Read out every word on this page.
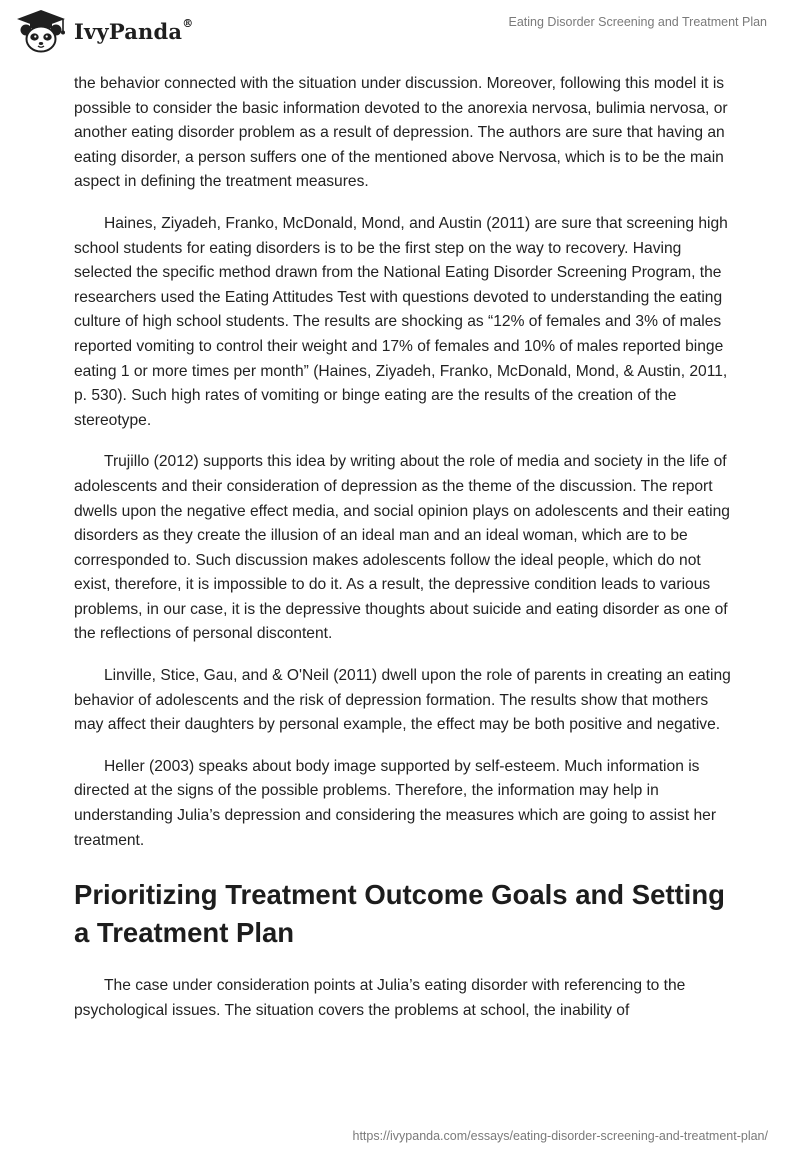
IvyPanda®	Eating Disorder Screening and Treatment Plan

the behavior connected with the situation under discussion. Moreover, following this model it is possible to consider the basic information devoted to the anorexia nervosa, bulimia nervosa, or another eating disorder problem as a result of depression. The authors are sure that having an eating disorder, a person suffers one of the mentioned above Nervosa, which is to be the main aspect in defining the treatment measures.

Haines, Ziyadeh, Franko, McDonald, Mond, and Austin (2011) are sure that screening high school students for eating disorders is to be the first step on the way to recovery. Having selected the specific method drawn from the National Eating Disorder Screening Program, the researchers used the Eating Attitudes Test with questions devoted to understanding the eating culture of high school students. The results are shocking as “12% of females and 3% of males reported vomiting to control their weight and 17% of females and 10% of males reported binge eating 1 or more times per month” (Haines, Ziyadeh, Franko, McDonald, Mond, & Austin, 2011, p. 530). Such high rates of vomiting or binge eating are the results of the creation of the stereotype.

Trujillo (2012) supports this idea by writing about the role of media and society in the life of adolescents and their consideration of depression as the theme of the discussion. The report dwells upon the negative effect media, and social opinion plays on adolescents and their eating disorders as they create the illusion of an ideal man and an ideal woman, which are to be corresponded to. Such discussion makes adolescents follow the ideal people, which do not exist, therefore, it is impossible to do it. As a result, the depressive condition leads to various problems, in our case, it is the depressive thoughts about suicide and eating disorder as one of the reflections of personal discontent.

Linville, Stice, Gau, and & O'Neil (2011) dwell upon the role of parents in creating an eating behavior of adolescents and the risk of depression formation. The results show that mothers may affect their daughters by personal example, the effect may be both positive and negative.

Heller (2003) speaks about body image supported by self-esteem. Much information is directed at the signs of the possible problems. Therefore, the information may help in understanding Julia’s depression and considering the measures which are going to assist her treatment.

Prioritizing Treatment Outcome Goals and Setting a Treatment Plan

The case under consideration points at Julia’s eating disorder with referencing to the psychological issues. The situation covers the problems at school, the inability of

https://ivypanda.com/essays/eating-disorder-screening-and-treatment-plan/
